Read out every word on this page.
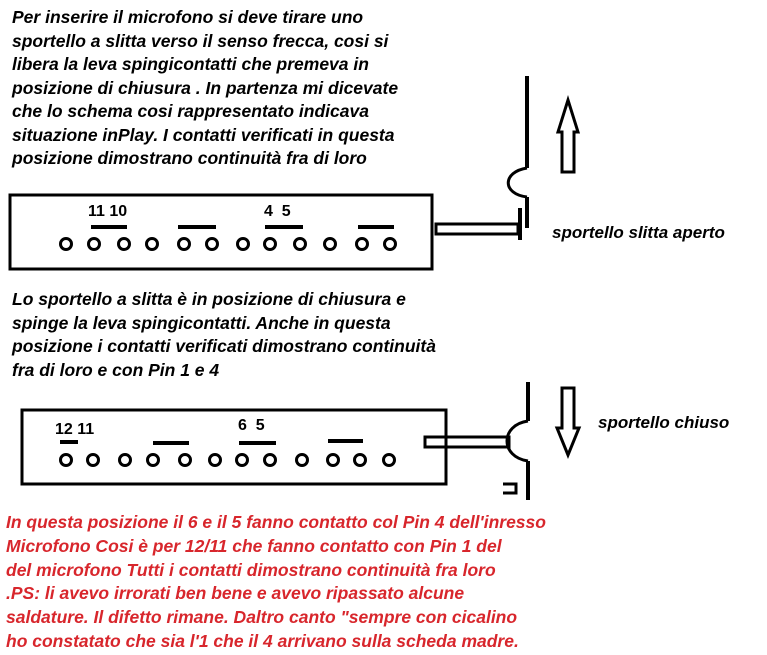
Per inserire il microfono si deve tirare uno
sportello a slitta verso il senso frecca, cosi si
libera la leva spingicontatti che premeva in
posizione di chiusura . In partenza mi dicevate
che lo schema cosi rappresentato indicava
situazione inPlay. I contatti verificati in questa
posizione dimostrano continuità fra di loro

sportello slitta aperto

Lo sportello a slitta è in posizione di chiusura e
spinge la leva spingicontatti. Anche in questa
posizione i contatti verificati dimostrano continuità
fra di loro e con Pin 1 e 4

sportello chiuso

In questa posizione il 6 e il 5 fanno contatto col Pin 4 dell'inresso
Microfono Cosi è per 12/11 che fanno contatto con Pin 1 del
del microfono Tutti i contatti dimostrano continuità fra loro
.PS: li avevo irrorati ben bene e avevo ripassato alcune
saldature. Il difetto rimane. Daltro canto "sempre con cicalino
ho constatato che sia l'1 che il 4 arrivano sulla scheda madre.

11 10	4  5
12 11	6  5
